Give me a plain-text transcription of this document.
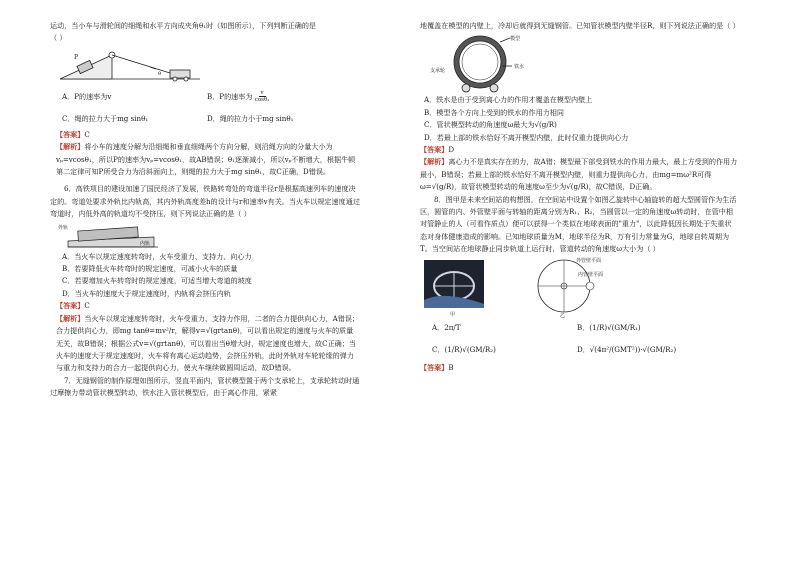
运动，当小车与滑轮间的细绳和水平方向成夹角θ₁时（如图所示），下列判断正确的是

（ ）

P
θ
A．P的速率为v	B．P的速率为 $\frac{v}{\text{cosθ₁}}$
C．绳的拉力大于mg sinθ₁	D．绳的拉力小于mg sinθ₁

【答案】C

【解析】将小车的速度分解为沿细绳和垂直细绳两个方向分解，则沿绳方向的分量大小为vₚ=vcosθ₁，所以P的速率为vₚ=vcosθ₁，故AB错误；θ₁逐渐减小，所以vₚ不断增大，根据牛顿第二定律可知P所受合力为沿斜面向上，则绳的拉力大于mg sinθ₁，故C正确，D错误。

6．高铁项目的建设加速了国民经济了发展，铁路转弯处的弯道半径r是根据高速列车的速度决定的。弯道处要求外轨比内轨高，其内外轨高度差h的设计与r和速率v有关。当火车以规定速度通过弯道时，内低外高的轨道均不受挤压，则下列说法正确的是（ ）

外轨
内轨

A．当火车以规定速度转弯时，火车受重力、支持力、向心力

B．若要降低火车转弯时的规定速度，可减小火车的质量

C．若要增加火车转弯时的规定速度，可适当增大弯道的坡度

D．当火车的速度大于规定速度时，内轨将会挤压内轨

【答案】C

【解析】当火车以规定速度转弯时，火车受重力、支持力作用，二者的合力提供向心力，A错误；合力提供向心力，即mg tanθ=mv²/r，解得v=√(grtanθ)，可以看出规定的速度与火车的质量无关，故B错误；根据公式v=√(grtanθ)，可以看出当θ增大时，规定速度也增大，故C正确；当火车的速度大于规定速度时，火车将有离心运动趋势，会挤压外轨，此时外轨对车轮轮缘的弹力与重力和支持力的合力一起提供向心力，使火车继续做圆周运动，故D错误。

7．无缝钢管的制作原理如图所示，竖直平面内，管状模型置于两个支承轮上，支承轮转动时通过摩擦力带动管状模型转动，铁水注入管状模型后，由于离心作用，紧紧

地覆盖在模型的内壁上，冷却后就得到无缝钢管。已知管状模型内壁半径R，则下列说法正确的是（ ）

模型
支承轮
铁水

A．铁水是由于受到离心力的作用才覆盖在模型内壁上

B．模型各个方向上受到的铁水的作用力相同

C．管状模型转动的角速度ω最大为√(g/R)

D．若最上部的铁水恰好不离开模型内壁，此时仅重力提供向心力

【答案】D

【解析】离心力不是真实存在的力，故A错；模型最下部受到铁水的作用力最大，最上方受到的作用力最小，B错误；若最上部的铁水恰好不离开模型内壁，则重力提供向心力，由mg=mω²R可得ω=√(g/R)，故管状模型转动的角速度ω至少为√(g/R)，故C错误，D正确。

8．图甲是未来空间站的构想图，在空间站中设置个如图乙旋转中心轴旋转的超大型圆管作为生活区，圆管的内、外管壁平面与转轴的距离分别为R₁、R₂，当圆管以一定的角速度ω转动时，在管中相对管静止的人（可看作质点）便可以获得一个类似在地球表面的"重力"，以此降低因长期处于失重状态对身体健康造成的影响。已知地球质量为M，地球半径为R，万有引力常量为G，地球自转周期为T。当空间站在地球静止同步轨道上运行时，管道转动的角速度ω大小为（ ）

甲
外管壁平面
内管壁平面
乙
A．2π/T	B．(1/R)√(GM/R₁)
C．(1/R)√(GM/R₂)	D．√(4π²/(GMT²))·√(GM/R₂)

【答案】B
